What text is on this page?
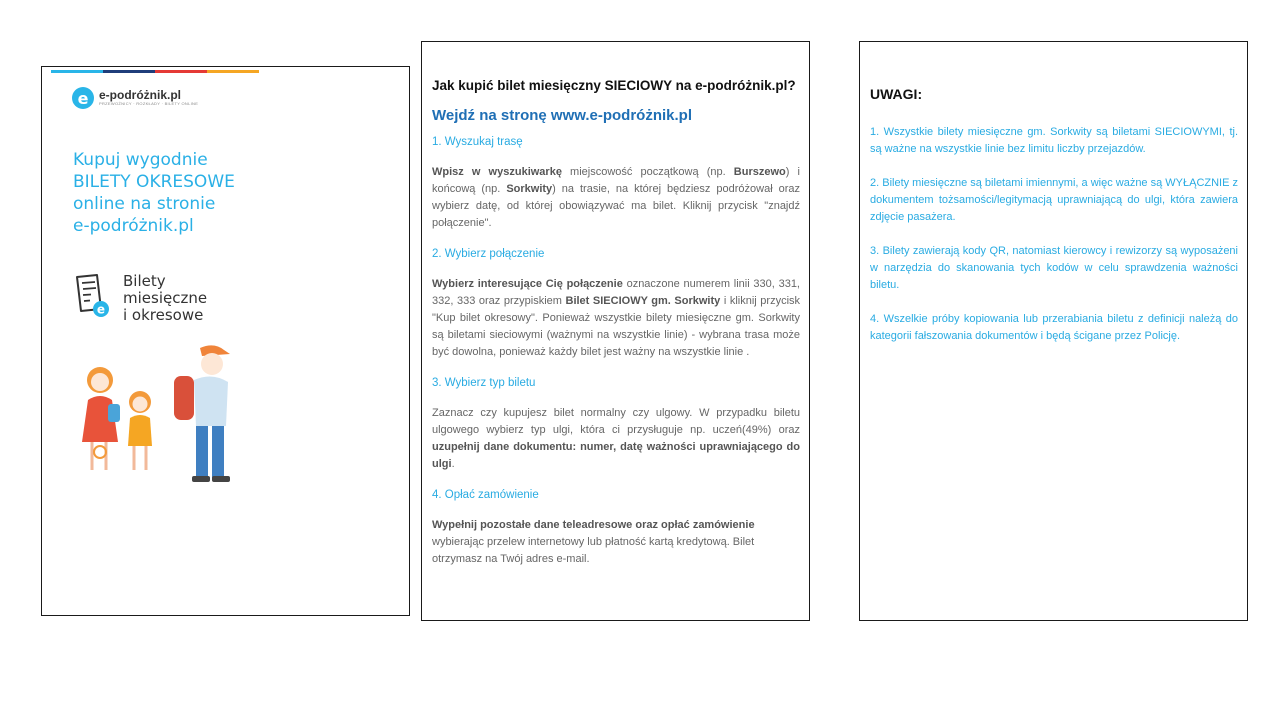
e e-podróżnik.pl
PRZEWOŹNICY · ROZKŁADY · BILETY ONLINE
Kupuj wygodnie
BILETY OKRESOWE
online na stronie
e-podróżnik.pl
e
Bilety
miesięczne
i okresowe

Jak kupić bilet miesięczny SIECIOWY na e-podróżnik.pl?

Wejdź na stronę www.e-podróżnik.pl

1. Wyszukaj trasę

Wpisz w wyszukiwarkę miejscowość początkową (np. Burszewo) i końcową (np. Sorkwity) na trasie, na której będziesz podróżował oraz wybierz datę, od której obowiązywać ma bilet. Kliknij przycisk "znajdź połączenie".

2. Wybierz połączenie

Wybierz interesujące Cię połączenie oznaczone numerem linii 330, 331, 332, 333 oraz przypiskiem Bilet SIECIOWY gm. Sorkwity i kliknij przycisk "Kup bilet okresowy". Ponieważ wszystkie bilety miesięczne gm. Sorkwity są biletami sieciowymi (ważnymi na wszystkie linie) - wybrana trasa może być dowolna, ponieważ każdy bilet jest ważny na wszystkie linie .

3. Wybierz typ biletu

Zaznacz czy kupujesz bilet normalny czy ulgowy. W przypadku biletu ulgowego wybierz typ ulgi, która ci przysługuje np. uczeń(49%) oraz uzupełnij dane dokumentu: numer, datę ważności uprawniającego do ulgi.

4. Opłać zamówienie

Wypełnij pozostałe dane teleadresowe oraz opłać zamówienie wybierając przelew internetowy lub płatność kartą kredytową. Bilet otrzymasz na Twój adres e-mail.

UWAGI:

1. Wszystkie bilety miesięczne gm. Sorkwity są biletami SIECIOWYMI, tj. są ważne na wszystkie linie bez limitu liczby przejazdów.

2. Bilety miesięczne są biletami imiennymi, a więc ważne są WYŁĄCZNIE z dokumentem tożsamości/legitymacją uprawniającą do ulgi, która zawiera zdjęcie pasażera.

3. Bilety zawierają kody QR, natomiast kierowcy i rewizorzy są wyposażeni w narzędzia do skanowania tych kodów w celu sprawdzenia ważności biletu.

4. Wszelkie próby kopiowania lub przerabiania biletu z definicji należą do kategorii fałszowania dokumentów i będą ścigane przez Policję.
